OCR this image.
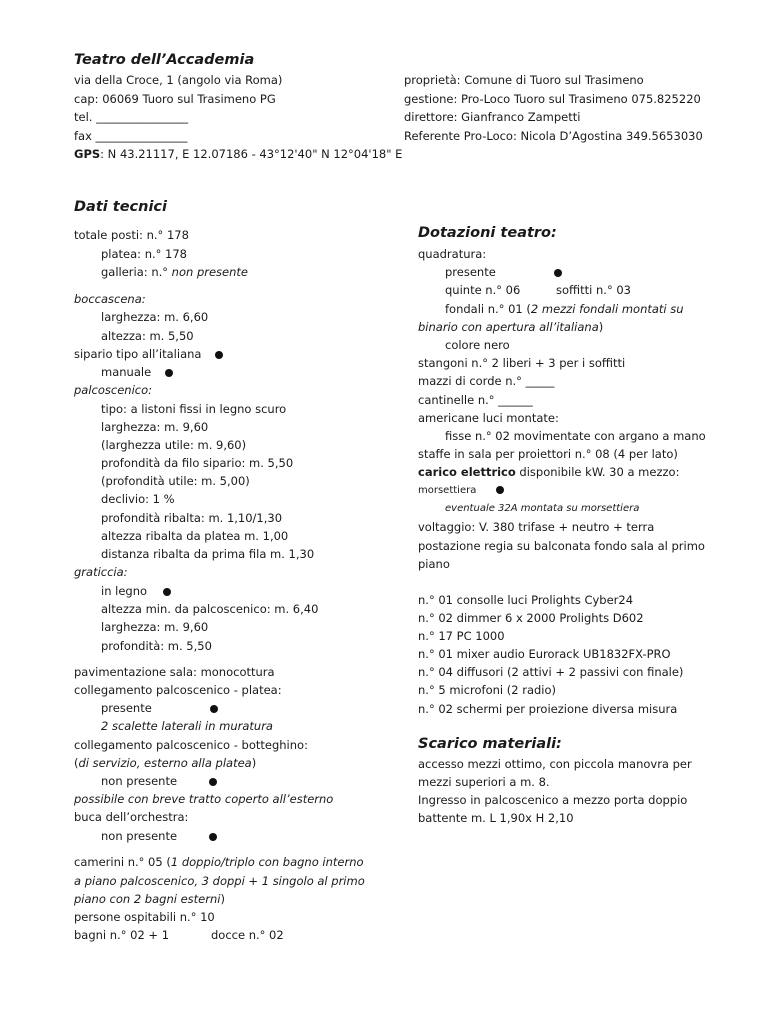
Teatro dell’Accademia
via della Croce, 1 (angolo via Roma)
cap: 06069 Tuoro sul Trasimeno PG
tel. ________________
fax ________________
GPS: N 43.21117, E 12.07186 - 43°12'40" N 12°04'18" E
proprietà: Comune di Tuoro sul Trasimeno
gestione: Pro-Loco Tuoro sul Trasimeno 075.825220
direttore: Gianfranco Zampetti
Referente Pro-Loco: Nicola D’Agostina 349.5653030
Dati tecnici
totale posti: n.° 178
platea: n.° 178
galleria: n.° non presente
boccascena:
larghezza: m. 6,60
altezza: m. 5,50
sipario tipo all’italiana
manuale
palcoscenico:
tipo: a listoni fissi in legno scuro
larghezza: m. 9,60
(larghezza utile: m. 9,60)
profondità da filo sipario: m. 5,50
(profondità utile: m. 5,00)
declivio: 1 %
profondità ribalta: m. 1,10/1,30
altezza ribalta da platea m. 1,00
distanza ribalta da prima fila m. 1,30
graticcia:
in legno
altezza min. da palcoscenico: m. 6,40
larghezza: m. 9,60
profondità: m. 5,50
pavimentazione sala: monocottura
collegamento palcoscenico - platea:
presente
2 scalette laterali in muratura
collegamento palcoscenico - botteghino:
(di servizio, esterno alla platea)
non presente
possibile con breve tratto coperto all’esterno
buca dell’orchestra:
non presente
camerini n.° 05 (1 doppio/triplo con bagno interno
a piano palcoscenico, 3 doppi + 1 singolo al primo
piano con 2 bagni esterni)
persone ospitabili n.° 10
bagni n.° 02 + 1	docce n.° 02
Dotazioni teatro:
quadratura:
presente
quinte n.° 06	soffitti n.° 03
fondali n.° 01 (2 mezzi fondali montati su
binario con apertura all’italiana)
colore nero
stangoni n.° 2 liberi + 3 per i soffitti
mazzi di corde n.° _____
cantinelle n.° ______
americane luci montate:
fisse n.° 02 movimentate con argano a mano
staffe in sala per proiettori n.° 08 (4 per lato)
carico elettrico disponibile kW. 30 a mezzo:
morsettiera
eventuale 32A montata su morsettiera
voltaggio: V. 380 trifase + neutro + terra
postazione regia su balconata fondo sala al primo
piano
n.° 01 consolle luci Prolights Cyber24
n.° 02 dimmer 6 x 2000 Prolights D602
n.° 17 PC 1000
n.° 01 mixer audio Eurorack UB1832FX-PRO
n.° 04 diffusori (2 attivi + 2 passivi con finale)
n.° 5 microfoni (2 radio)
n.° 02 schermi per proiezione diversa misura
Scarico materiali:
accesso mezzi ottimo, con piccola manovra per
mezzi superiori a m. 8.
Ingresso in palcoscenico a mezzo porta doppio
battente m. L 1,90x H 2,10
